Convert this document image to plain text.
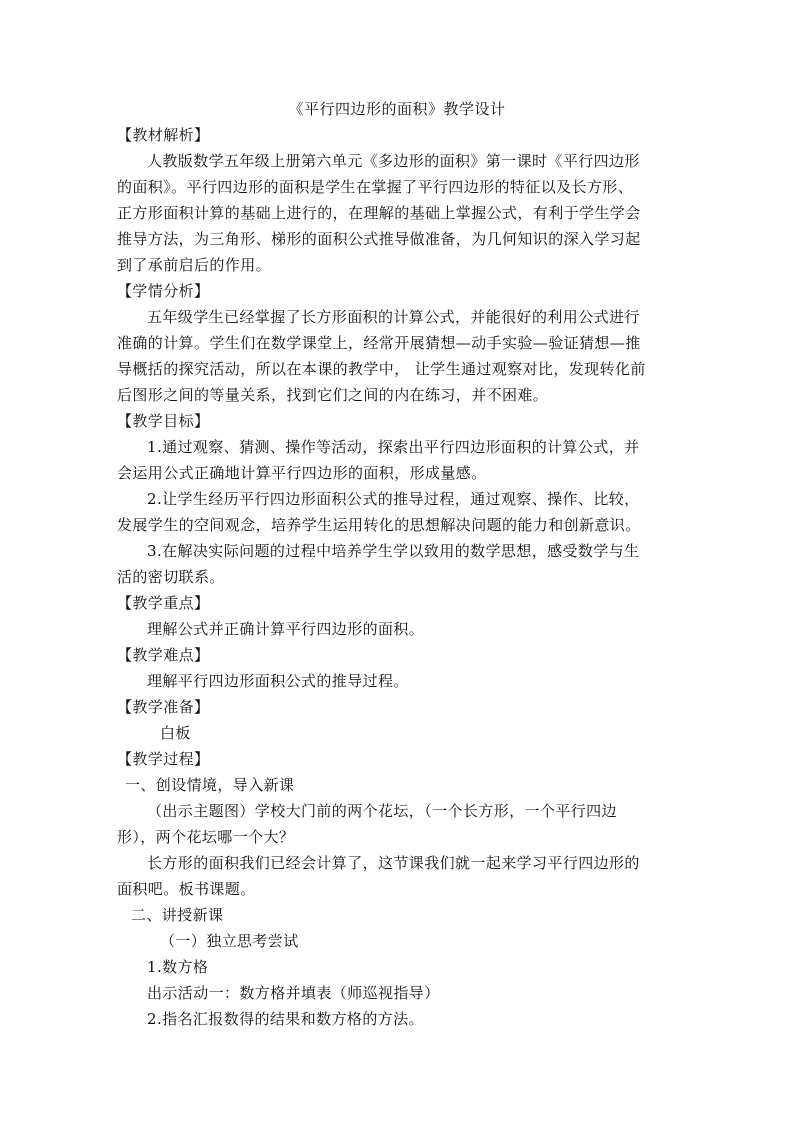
《平行四边形的面积》教学设计
【教材解析】
人教版数学五年级上册第六单元《多边形的面积》第一课时《平行四边形
的面积》。平行四边形的面积是学生在掌握了平行四边形的特征以及长方形、
正方形面积计算的基础上进行的，在理解的基础上掌握公式，有利于学生学会
推导方法，为三角形、梯形的面积公式推导做准备，为几何知识的深入学习起
到了承前启后的作用。
【学情分析】
五年级学生已经掌握了长方形面积的计算公式，并能很好的利用公式进行
准确的计算。学生们在数学课堂上，经常开展猜想—动手实验—验证猜想—推
导概括的探究活动，所以在本课的教学中， 让学生通过观察对比，发现转化前
后图形之间的等量关系，找到它们之间的内在练习，并不困难。
【教学目标】
1.通过观察、猜测、操作等活动，探索出平行四边形面积的计算公式，并
会运用公式正确地计算平行四边形的面积，形成量感。
2.让学生经历平行四边形面积公式的推导过程，通过观察、操作、比较，
发展学生的空间观念，培养学生运用转化的思想解决问题的能力和创新意识。
3.在解决实际问题的过程中培养学生学以致用的数学思想，感受数学与生
活的密切联系。
【教学重点】
理解公式并正确计算平行四边形的面积。
【教学难点】
理解平行四边形面积公式的推导过程。
【教学准备】
白板
【教学过程】
一、创设情境，导入新课
（出示主题图）学校大门前的两个花坛，（一个长方形，一个平行四边
形），两个花坛哪一个大？
长方形的面积我们已经会计算了，这节课我们就一起来学习平行四边形的
面积吧。板书课题。
二、讲授新课
（一）独立思考尝试
1.数方格
出示活动一：数方格并填表（师巡视指导）
2.指名汇报数得的结果和数方格的方法。
